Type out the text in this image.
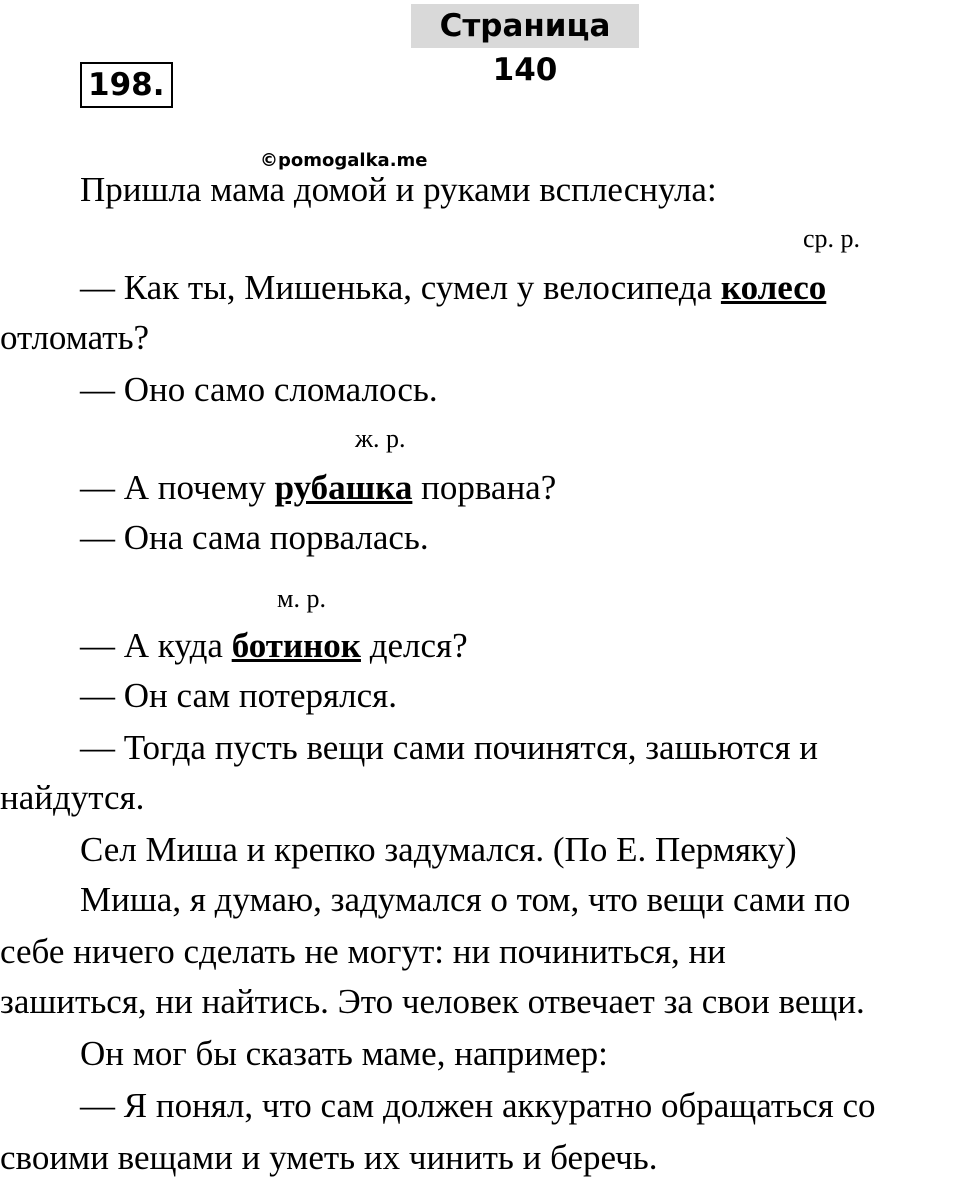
Страница 140
198.
©pomogalka.me
Пришла мама домой и руками всплеснула:
ср. р.
— Как ты, Мишенька, сумел у велосипеда колесо
отломать?
— Оно само сломалось.
ж. р.
— А почему рубашка порвана?
— Она сама порвалась.
м. р.
— А куда ботинок делся?
— Он сам потерялся.
— Тогда пусть вещи сами починятся, зашьются и
найдутся.
Сел Миша и крепко задумался. (По Е. Пермяку)
Миша, я думаю, задумался о том, что вещи сами по
себе ничего сделать не могут: ни починиться, ни
зашиться, ни найтись. Это человек отвечает за свои вещи.
Он мог бы сказать маме, например:
— Я понял, что сам должен аккуратно обращаться со
своими вещами и уметь их чинить и беречь.
